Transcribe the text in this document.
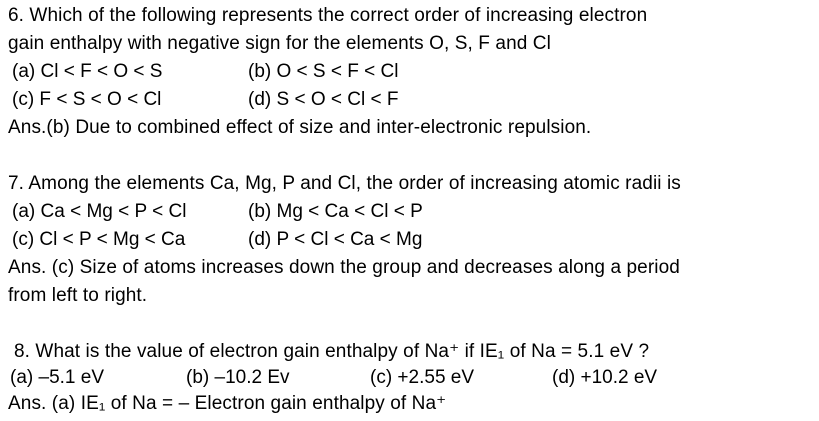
6. Which of the following represents the correct order of increasing electron
gain enthalpy with negative sign for the elements O, S, F and Cl
(a) Cl < F < O < S	(b) O < S < F < Cl
(c) F < S < O < Cl	(d) S < O < Cl < F
Ans.(b) Due to combined effect of size and inter-electronic repulsion.
7. Among the elements Ca, Mg, P and Cl, the order of increasing atomic radii is
(a) Ca < Mg < P < Cl	(b) Mg < Ca < Cl < P
(c) Cl < P < Mg < Ca	(d) P < Cl < Ca < Mg
Ans. (c) Size of atoms increases down the group and decreases along a period
from left to right.
8. What is the value of electron gain enthalpy of Na⁺ if IE₁ of Na = 5.1 eV ?
(a) –5.1 eV	(b) –10.2 Ev	(c) +2.55 eV	(d) +10.2 eV
Ans. (a) IE₁ of Na = – Electron gain enthalpy of Na⁺
